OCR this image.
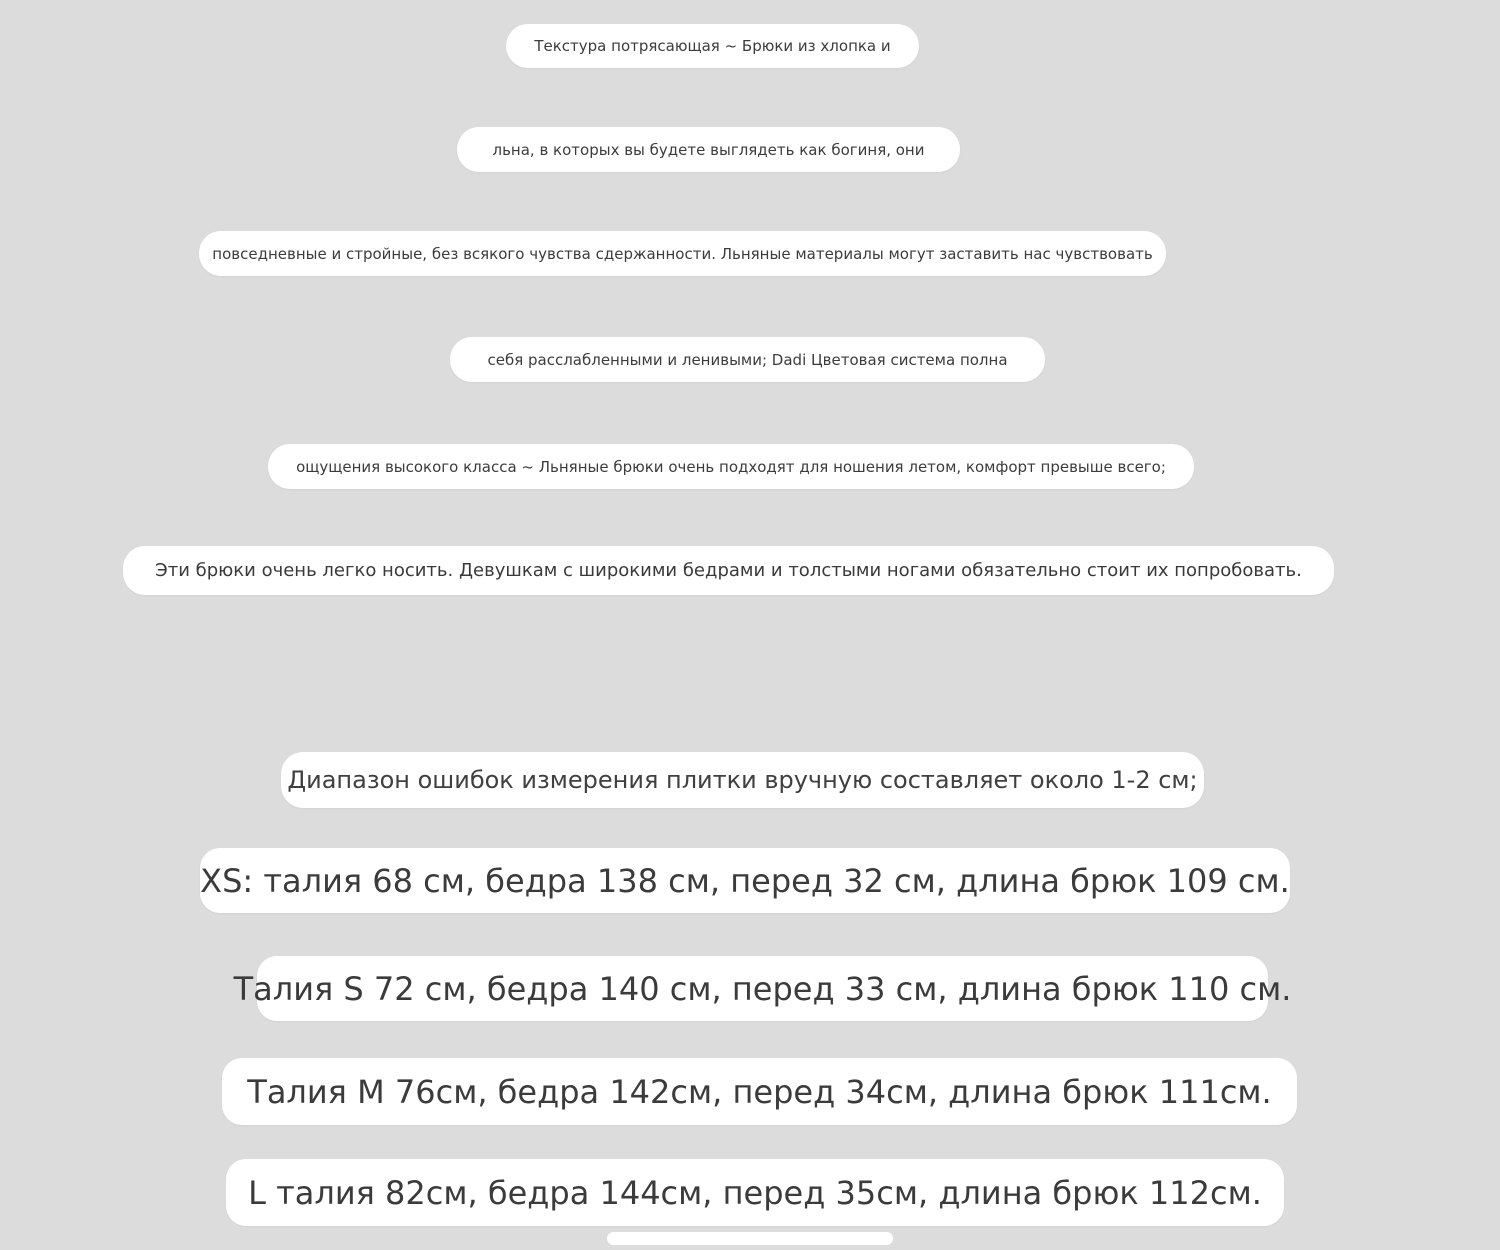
Текстура потрясающая ~ Брюки из хлопка и
льна, в которых вы будете выглядеть как богиня, они
повседневные и стройные, без всякого чувства сдержанности. Льняные материалы могут заставить нас чувствовать
себя расслабленными и ленивыми; Dadi Цветовая система полна
ощущения высокого класса ~ Льняные брюки очень подходят для ношения летом, комфорт превыше всего;
Эти брюки очень легко носить. Девушкам с широкими бедрами и толстыми ногами обязательно стоит их попробовать.
Диапазон ошибок измерения плитки вручную составляет около 1-2 см;
XS: талия 68 см, бедра 138 см, перед 32 см, длина брюк 109 см.
Талия S 72 см, бедра 140 см, перед 33 см, длина брюк 110 см.
Талия M 76см, бедра 142см, перед 34см, длина брюк 111см.
L талия 82см, бедра 144см, перед 35см, длина брюк 112см.
